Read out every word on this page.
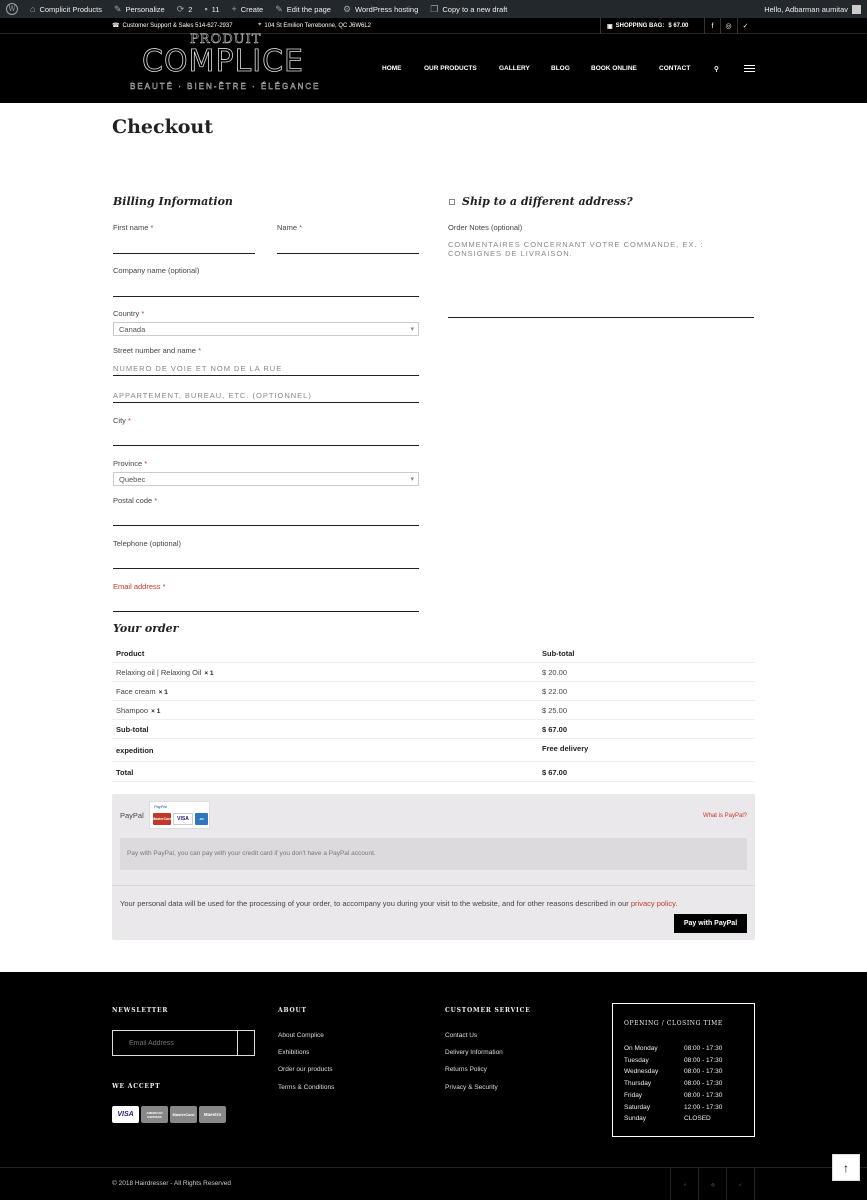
W ⌂ Complicit Products ✎ Personalize ⟳ 2 ▪ 11 + Create ✎ Edit the page ⚙ WordPress hosting ❐ Copy to a new draft	Hello, Adbarman aumitav
☎ Customer Support & Sales 514-627-2937	⌖ 104 St Emilion Terrebonne, QC J6W6L2	▣ SHOPPING BAG: $ 67.00	f	◎	✓
PRODUIT
COMPLICE
BEAUTÉ · BIEN-ÊTRE · ÉLÉGANCE
HOME	OUR PRODUCTS	GALLERY	BLOG	BOOK ONLINE	CONTACT	⚲
Checkout
Billing Information
First name *	Name *
Company name (optional)
Country *
Canada ▾
Street number and name *
NUMERO DE VOIE ET NOM DE LA RUE
APPARTEMENT, BUREAU, ETC. (OPTIONNEL)
City *
Province *
Quebec ▾
Postal code *
Telephone (optional)
Email address *
Ship to a different address?
Order Notes (optional)
COMMENTAIRES CONCERNANT VOTRE COMMANDE, EX. :
CONSIGNES DE LIVRAISON.
Your order
Product	Sub-total
Relaxing oil | Relaxing Oil × 1	$ 20.00
Face cream × 1	$ 22.00
Shampoo × 1	$ 25.00
Sub-total	$ 67.00
expedition	Free delivery
Total	$ 67.00
PayPal
PayPal
MasterCard	VISA	AM	What is PayPal?
Pay with PayPal, you can pay with your credit card if you don't have a PayPal account.
Your personal data will be used for the processing of your order, to accompany you during your visit to the website, and for other reasons described in our privacy policy.
Pay with PayPal
NEWSLETTER
Email Address
WE ACCEPT
VISA	AMERICAN EXPRESS	MasterCard	Maestro
ABOUT
About Complice
Exhibitions
Order our products
Terms & Conditions
CUSTOMER SERVICE
Contact Us
Delivery Information
Returns Policy
Privacy & Security
OPENING / CLOSING TIME
On Monday	08:00 - 17:30
Tuesday	08:00 - 17:30
Wednesday	08:00 - 17:30
Thursday	08:00 - 17:30
Friday	08:00 - 17:30
Saturday	12:00 - 17:30
Sunday	CLOSED
© 2018 Hairdresser - All Rights Reserved	f	◎	✓
↑
